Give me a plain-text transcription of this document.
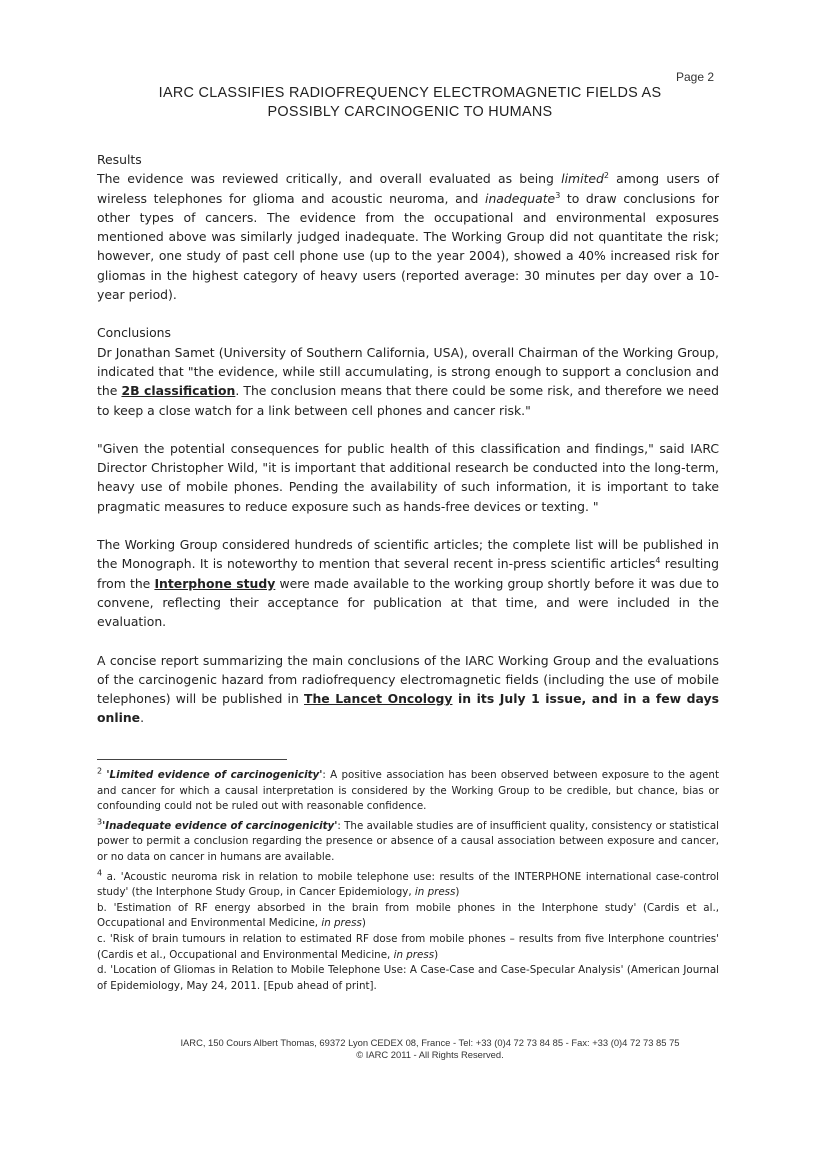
Page 2
IARC CLASSIFIES RADIOFREQUENCY ELECTROMAGNETIC FIELDS AS
POSSIBLY CARCINOGENIC TO HUMANS
Results

The evidence was reviewed critically, and overall evaluated as being limited$^2$ among users of wireless telephones for glioma and acoustic neuroma, and inadequate$^3$ to draw conclusions for other types of cancers. The evidence from the occupational and environmental exposures mentioned above was similarly judged inadequate. The Working Group did not quantitate the risk; however, one study of past cell phone use (up to the year 2004), showed a 40% increased risk for gliomas in the highest category of heavy users (reported average: 30 minutes per day over a 10-year period).

Conclusions

Dr Jonathan Samet (University of Southern California, USA), overall Chairman of the Working Group, indicated that "the evidence, while still accumulating, is strong enough to support a conclusion and the 2B classification. The conclusion means that there could be some risk, and therefore we need to keep a close watch for a link between cell phones and cancer risk."

"Given the potential consequences for public health of this classification and findings," said IARC Director Christopher Wild, "it is important that additional research be conducted into the long-term, heavy use of mobile phones. Pending the availability of such information, it is important to take pragmatic measures to reduce exposure such as hands-free devices or texting. "

The Working Group considered hundreds of scientific articles; the complete list will be published in the Monograph. It is noteworthy to mention that several recent in-press scientific articles$^4$ resulting from the Interphone study were made available to the working group shortly before it was due to convene, reflecting their acceptance for publication at that time, and were included in the evaluation.

A concise report summarizing the main conclusions of the IARC Working Group and the evaluations of the carcinogenic hazard from radiofrequency electromagnetic fields (including the use of mobile telephones) will be published in The Lancet Oncology in its July 1 issue, and in a few days online.

$^2$ 'Limited evidence of carcinogenicity': A positive association has been observed between exposure to the agent and cancer for which a causal interpretation is considered by the Working Group to be credible, but chance, bias or confounding could not be ruled out with reasonable confidence.

$^3$'Inadequate evidence of carcinogenicity': The available studies are of insufficient quality, consistency or statistical power to permit a conclusion regarding the presence or absence of a causal association between exposure and cancer, or no data on cancer in humans are available.

$^4$ a. 'Acoustic neuroma risk in relation to mobile telephone use: results of the INTERPHONE international case-control study' (the Interphone Study Group, in Cancer Epidemiology, in press)

b. 'Estimation of RF energy absorbed in the brain from mobile phones in the Interphone study' (Cardis et al., Occupational and Environmental Medicine, in press)

c. 'Risk of brain tumours in relation to estimated RF dose from mobile phones – results from five Interphone countries' (Cardis et al., Occupational and Environmental Medicine, in press)

d. 'Location of Gliomas in Relation to Mobile Telephone Use: A Case-Case and Case-Specular Analysis' (American Journal of Epidemiology, May 24, 2011. [Epub ahead of print].

IARC, 150 Cours Albert Thomas, 69372 Lyon CEDEX 08, France - Tel: +33 (0)4 72 73 84 85 - Fax: +33 (0)4 72 73 85 75
© IARC 2011 - All Rights Reserved.
